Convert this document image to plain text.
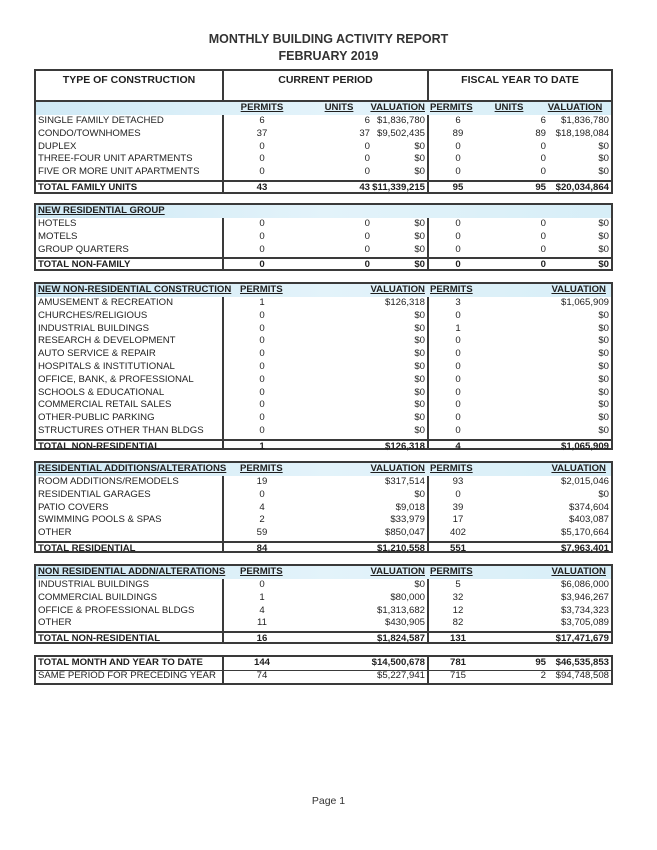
MONTHLY BUILDING ACTIVITY REPORT
FEBRUARY 2019
TYPE OF CONSTRUCTION	CURRENT PERIOD	FISCAL YEAR TO DATE
PERMITS	UNITS	VALUATION PERMITS	UNITS	VALUATION
SINGLE FAMILY DETACHED	6	6 $1,836,780	6	6	$1,836,780
CONDO/TOWNHOMES	37	37 $9,502,435	89	89	$18,198,084
DUPLEX	0	0	$0	0	0	$0
THREE-FOUR UNIT APARTMENTS	0	0	$0	0	0	$0
FIVE OR MORE UNIT APARTMENTS	0	0	$0	0	0	$0
TOTAL FAMILY UNITS	43	43 $11,339,215	95	95	$20,034,864
NEW RESIDENTIAL GROUP
HOTELS	0	0	$0	0	0	$0
MOTELS	0	0	$0	0	0	$0
GROUP QUARTERS	0	0	$0	0	0	$0
TOTAL NON-FAMILY	0	0	$0	0	0	$0
NEW NON-RESIDENTIAL CONSTRUCTION PERMITS	VALUATION PERMITS	VALUATION
AMUSEMENT & RECREATION	1	$126,318	3	$1,065,909
CHURCHES/RELIGIOUS	0	$0	0	$0
INDUSTRIAL BUILDINGS	0	$0	1	$0
RESEARCH & DEVELOPMENT	0	$0	0	$0
AUTO SERVICE & REPAIR	0	$0	0	$0
HOSPITALS & INSTITUTIONAL	0	$0	0	$0
OFFICE, BANK, & PROFESSIONAL	0	$0	0	$0
SCHOOLS & EDUCATIONAL	0	$0	0	$0
COMMERCIAL RETAIL SALES	0	$0	0	$0
OTHER-PUBLIC PARKING	0	$0	0	$0
STRUCTURES OTHER THAN BLDGS	0	$0	0	$0
TOTAL NON-RESIDENTIAL	1	$126,318	4	$1,065,909
RESIDENTIAL ADDITIONS/ALTERATIONS PERMITS	VALUATION PERMITS	VALUATION
ROOM ADDITIONS/REMODELS	19	$317,514	93	$2,015,046
RESIDENTIAL GARAGES	0	$0	0	$0
PATIO COVERS	4	$9,018	39	$374,604
SWIMMING POOLS & SPAS	2	$33,979	17	$403,087
OTHER	59	$850,047	402	$5,170,664
TOTAL RESIDENTIAL	84	$1,210,558	551	$7,963,401
NON RESIDENTIAL ADDN/ALTERATIONS PERMITS	VALUATION PERMITS	VALUATION
INDUSTRIAL BUILDINGS	0	$0	5	$6,086,000
COMMERCIAL BUILDINGS	1	$80,000	32	$3,946,267
OFFICE & PROFESSIONAL BLDGS	4	$1,313,682	12	$3,734,323
OTHER	11	$430,905	82	$3,705,089
TOTAL NON-RESIDENTIAL	16	$1,824,587	131	$17,471,679
TOTAL MONTH AND YEAR TO DATE	144	$14,500,678	781	95	$46,535,853
SAME PERIOD FOR PRECEDING YEAR	74	$5,227,941	715	2	$94,748,508
Page 1
